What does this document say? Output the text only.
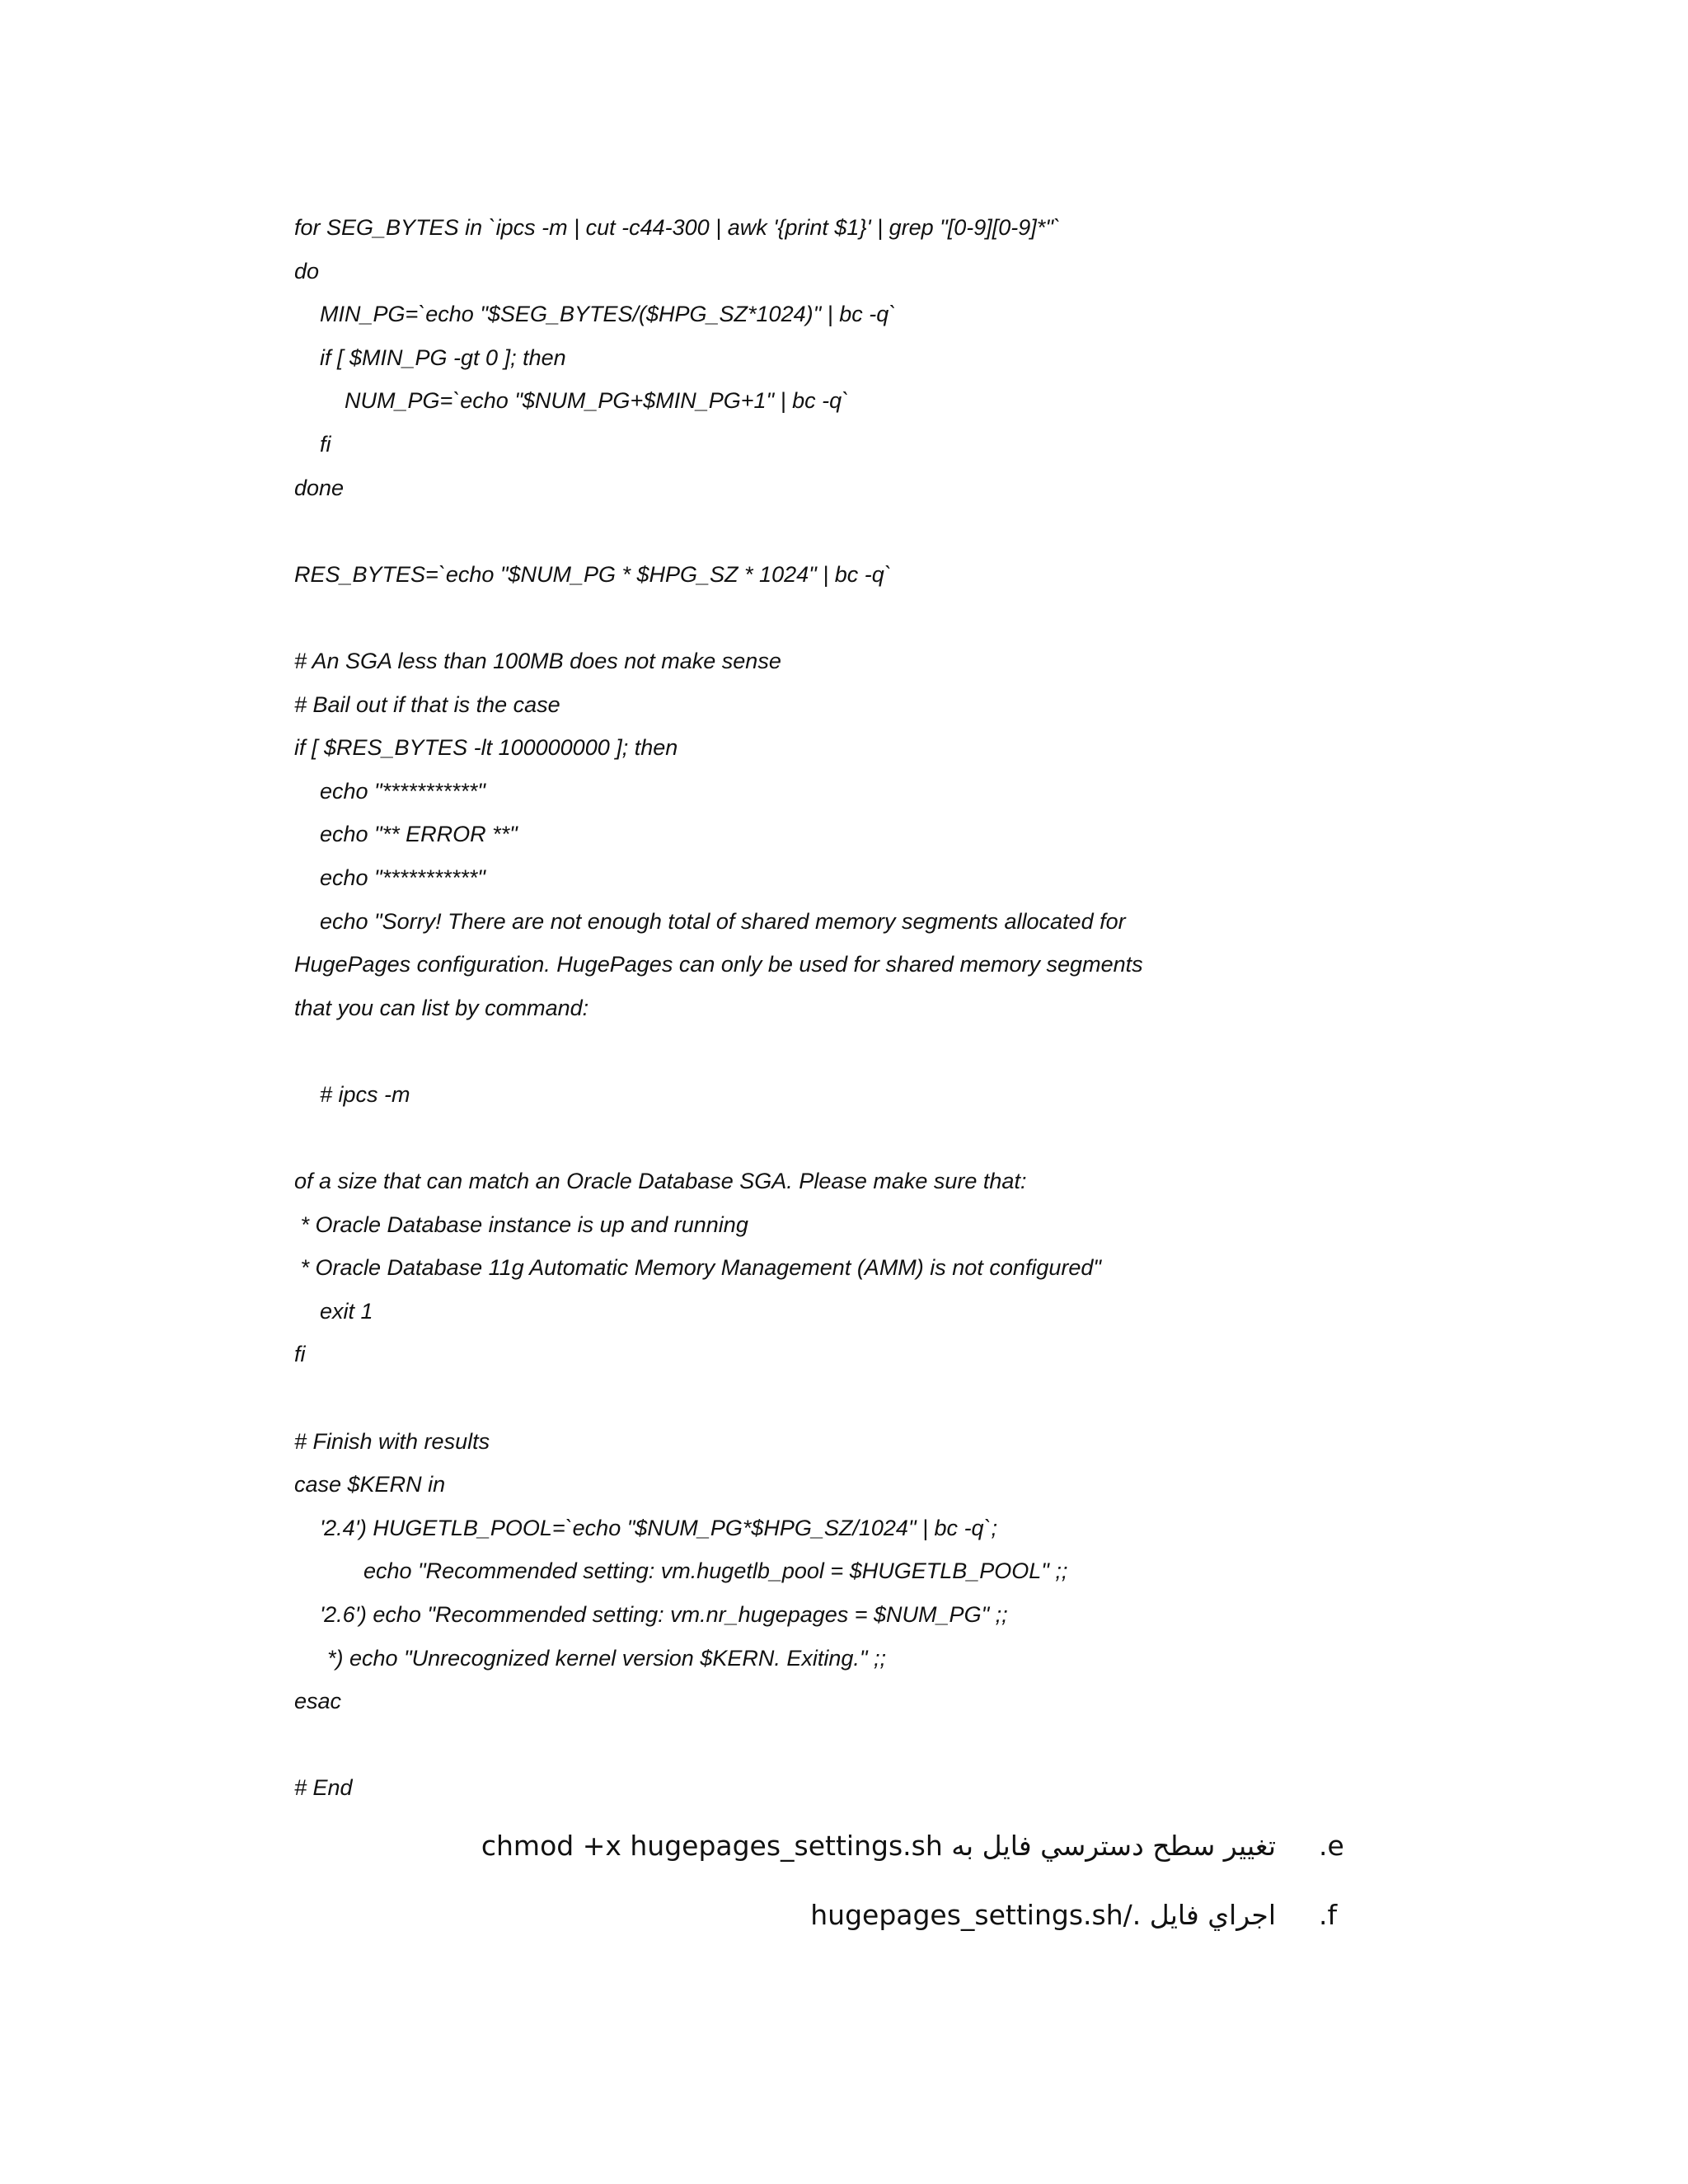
for SEG_BYTES in `ipcs -m | cut -c44-300 | awk '{print $1}' | grep "[0-9][0-9]*"`
do
MIN_PG=`echo "$SEG_BYTES/($HPG_SZ*1024)" | bc -q`
if [ $MIN_PG -gt 0 ]; then
NUM_PG=`echo "$NUM_PG+$MIN_PG+1" | bc -q`
fi
done
RES_BYTES=`echo "$NUM_PG * $HPG_SZ * 1024" | bc -q`
# An SGA less than 100MB does not make sense
# Bail out if that is the case
if [ $RES_BYTES -lt 100000000 ]; then
echo "***********"
echo "** ERROR **"
echo "***********"
echo "Sorry! There are not enough total of shared memory segments allocated for
HugePages configuration. HugePages can only be used for shared memory segments
that you can list by command:
# ipcs -m
of a size that can match an Oracle Database SGA. Please make sure that:
* Oracle Database instance is up and running
* Oracle Database 11g Automatic Memory Management (AMM) is not configured"
exit 1
fi
# Finish with results
case $KERN in
'2.4') HUGETLB_POOL=`echo "$NUM_PG*$HPG_SZ/1024" | bc -q`;
echo "Recommended setting: vm.hugetlb_pool = $HUGETLB_POOL" ;;
'2.6') echo "Recommended setting: vm.nr_hugepages = $NUM_PG" ;;
*) echo "Unrecognized kernel version $KERN. Exiting." ;;
esac
# End
.e
تغيير سطح دسترسي فايل به chmod +x hugepages_settings.sh
.f
اجراي فايل ./hugepages_settings.sh
